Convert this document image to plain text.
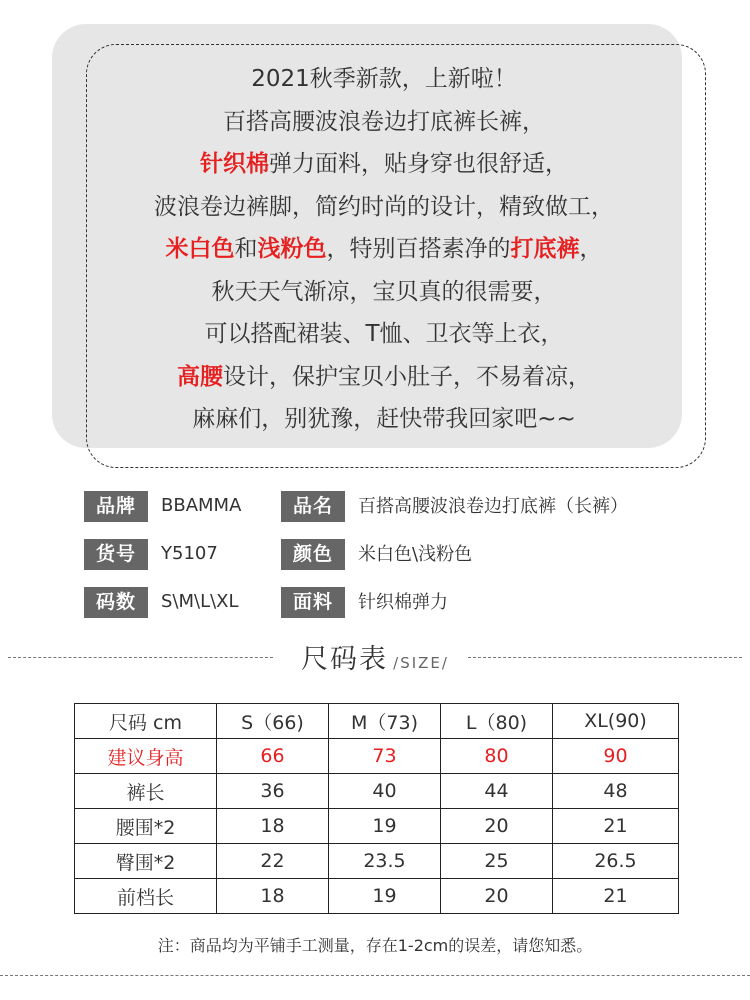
2021秋季新款，上新啦！
百搭高腰波浪卷边打底裤长裤，
针织棉弹力面料，贴身穿也很舒适，
波浪卷边裤脚，简约时尚的设计，精致做工，
米白色和浅粉色，特别百搭素净的打底裤，
秋天天气渐凉，宝贝真的很需要，
可以搭配裙装、T恤、卫衣等上衣，
高腰设计，保护宝贝小肚子，不易着凉，
麻麻们，别犹豫，赶快带我回家吧~~
品牌	BBAMMA	品名	百搭高腰波浪卷边打底裤（长裤）
货号	Y5107	颜色	米白色\浅粉色
码数	S\M\L\XL	面料	针织棉弹力
尺码表 /SIZE/
尺码 cm	S（66)	M（73)	L（80)	XL(90)
建议身高	66	73	80	90
裤长	36	40	44	48
腰围*2	18	19	20	21
臀围*2	22	23.5	25	26.5
前档长	18	19	20	21
注：商品均为平铺手工测量，存在1-2cm的误差，请您知悉。
